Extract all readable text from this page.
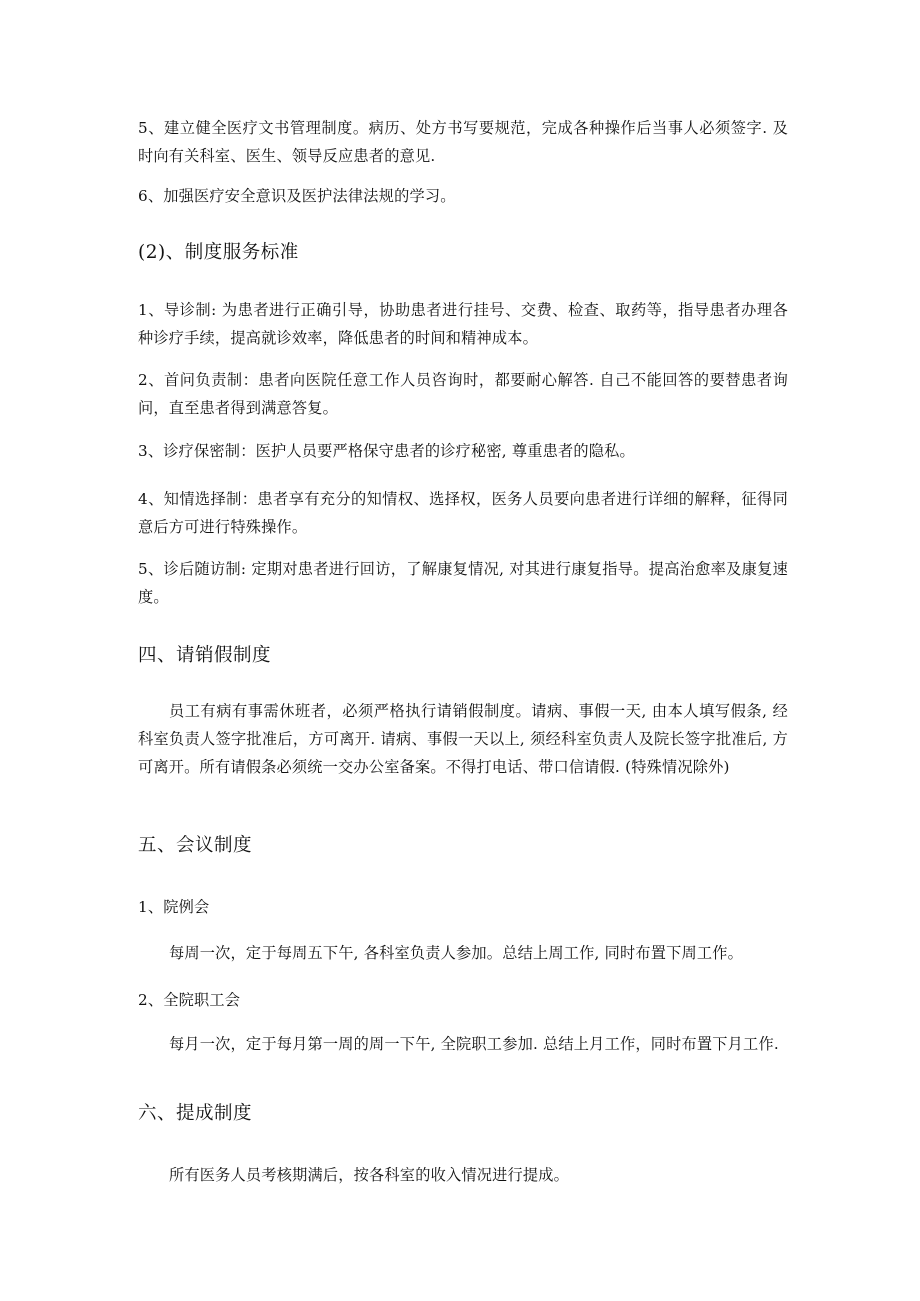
5、建立健全医疗文书管理制度。病历、处方书写要规范，完成各种操作后当事人必须签字. 及时向有关科室、医生、领导反应患者的意见.

6、加强医疗安全意识及医护法律法规的学习。

(2)、制度服务标准

1、导诊制: 为患者进行正确引导，协助患者进行挂号、交费、检查、取药等，指导患者办理各种诊疗手续，提高就诊效率，降低患者的时间和精神成本。

2、首问负责制：患者向医院任意工作人员咨询时，都要耐心解答. 自己不能回答的要替患者询问，直至患者得到满意答复。

3、诊疗保密制：医护人员要严格保守患者的诊疗秘密, 尊重患者的隐私。

4、知情选择制：患者享有充分的知情权、选择权，医务人员要向患者进行详细的解释，征得同意后方可进行特殊操作。

5、诊后随访制: 定期对患者进行回访，了解康复情况, 对其进行康复指导。提高治愈率及康复速度。

四、请销假制度

员工有病有事需休班者，必须严格执行请销假制度。请病、事假一天, 由本人填写假条, 经科室负责人签字批准后，方可离开. 请病、事假一天以上, 须经科室负责人及院长签字批准后, 方可离开。所有请假条必须统一交办公室备案。不得打电话、带口信请假. (特殊情况除外)

五、会议制度

1、院例会

每周一次，定于每周五下午, 各科室负责人参加。总结上周工作, 同时布置下周工作。

2、全院职工会

每月一次，定于每月第一周的周一下午, 全院职工参加. 总结上月工作，同时布置下月工作.

六、提成制度

所有医务人员考核期满后，按各科室的收入情况进行提成。
